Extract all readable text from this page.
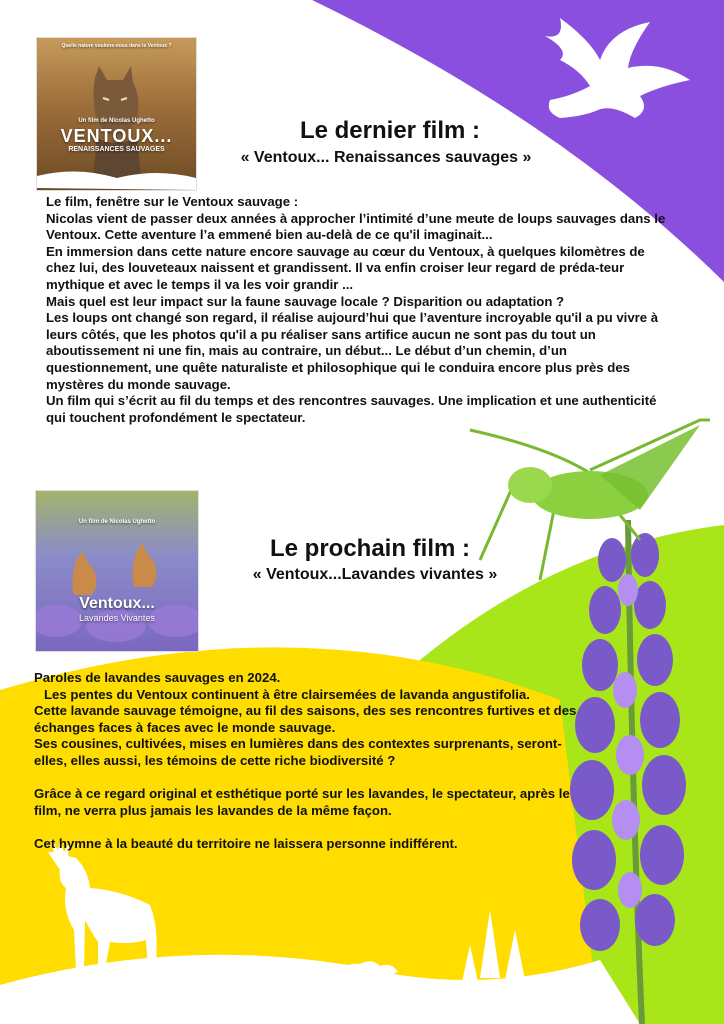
Quelle nature voulons-nous dans le Ventoux ?
Un film de Nicolas Ughetto
VENTOUX...
RENAISSANCES SAUVAGES
Le dernier film :
« Ventoux... Renaissances sauvages »

Le film, fenêtre sur le Ventoux sauvage :

Nicolas vient de passer deux années à approcher l’intimité d’une meute de loups sauvages dans le Ventoux. Cette aventure l’a emmené bien au-delà de ce qu'il imaginait...

En immersion dans cette nature encore sauvage au cœur du Ventoux, à quelques kilomètres de chez lui, des louveteaux naissent et grandissent. Il va enfin croiser leur regard de préda-teur mythique et avec le temps il va les voir grandir ...

Mais quel est leur impact sur la faune sauvage locale ? Disparition ou adaptation ?

Les loups ont changé son regard, il réalise aujourd’hui que l’aventure incroyable qu'il a pu vivre à leurs côtés, que les photos qu'il a pu réaliser sans artifice aucun ne sont pas du tout un aboutissement ni une fin, mais au contraire, un début... Le début d’un chemin, d’un questionnement, une quête naturaliste et philosophique qui le conduira encore plus près des mystères du monde sauvage.

Un film qui s’écrit au fil du temps et des rencontres sauvages. Une implication et une authenticité qui touchent profondément le spectateur.

Un film de Nicolas Ughetto
Ventoux...
Lavandes Vivantes
Le prochain film :
« Ventoux...Lavandes vivantes »

Paroles de lavandes sauvages en 2024.

Les pentes du Ventoux continuent à être clairsemées de lavanda angustifolia.

Cette lavande sauvage témoigne, au fil des saisons, des ses rencontres furtives et des échanges faces à faces avec le monde sauvage.

Ses cousines, cultivées, mises en lumières dans des contextes surprenants, seront- elles, elles aussi, les témoins de cette riche biodiversité ?

Grâce à ce regard original et esthétique porté sur les lavandes, le spectateur, après le film, ne verra plus jamais les lavandes de la même façon.

Cet hymne à la beauté du territoire ne laissera personne indifférent.
